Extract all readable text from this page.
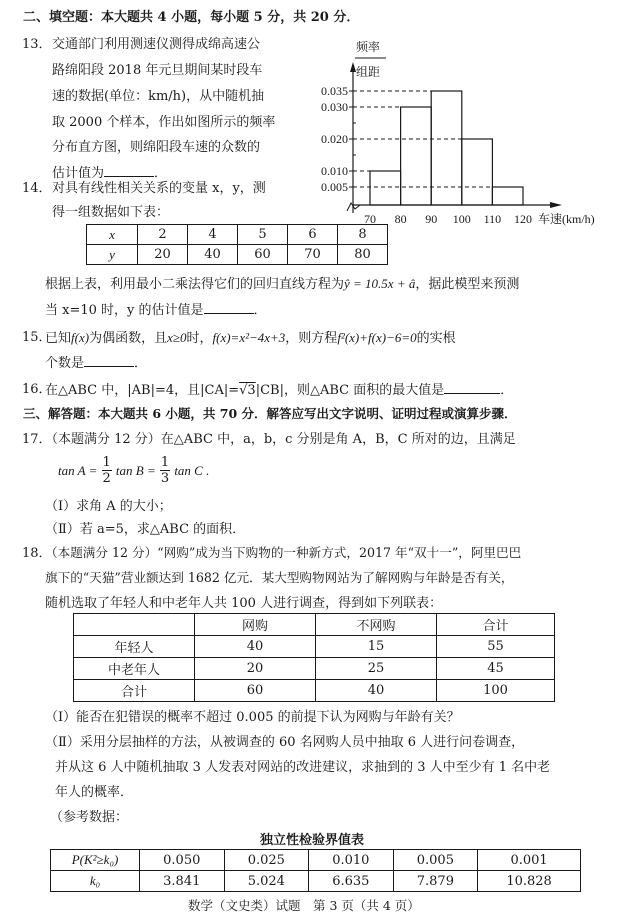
二、填空题：本大题共 4 小题，每小题 5 分，共 20 分．
13． 交通部门利用测速仪测得成绵高速公
路绵阳段 2018 年元旦期间某时段车
速的数据(单位：km/h)，从中随机抽
取 2000 个样本，作出如图所示的频率
分布直方图，则绵阳段车速的众数的
估计值为	．
频率
组距
0.035
0.030
0.020
0.010
0.005
70 80 90 100 110 120 车速(km/h)
14． 对具有线性相关关系的变量 x，y，测
得一组数据如下表：
x	2	4	5	6	8
y	20	40	60	70	80
根据上表，利用最小二乘法得它们的回归直线方程为ŷ = 10.5x + â，据此模型来预测
当 x=10 时，y 的估计值是	．
15．
已知f(x)为偶函数，且x≥0时，f(x)=x²−4x+3，则方程f²(x)+f(x)−6=0的实根
个数是	．
16．
在△ABC 中，|AB|=4，且|CA|=√3|CB|，则△ABC 面积的最大值是	．
三、解答题：本大题共 6 小题，共 70 分．解答应写出文字说明、证明过程或演算步骤．
17．
（本题满分 12 分）在△ABC 中，a，b，c 分别是角 A，B，C 所对的边，且满足
$\tan A = \frac{1}{2}$ $\tan B = \frac{1}{3}$ tan C .
（Ⅰ）求角 A 的大小；
（Ⅱ）若 a=5，求△ABC 的面积．
18．
（本题满分 12 分）“网购”成为当下购物的一种新方式，2017 年“双十一”，阿里巴巴
旗下的“天猫”营业额达到 1682 亿元．某大型购物网站为了解网购与年龄是否有关，
随机选取了年轻人和中老年人共 100 人进行调查，得到如下列联表：
	网购	不网购	合计
年轻人	40	15	55
中老年人	20	25	45
合计	60	40	100
（Ⅰ）能否在犯错误的概率不超过 0.005 的前提下认为网购与年龄有关？
（Ⅱ）采用分层抽样的方法，从被调查的 60 名网购人员中抽取 6 人进行问卷调查，
并从这 6 人中随机抽取 3 人发表对网站的改进建议，求抽到的 3 人中至少有 1 名中老
年人的概率．
（参考数据：
独立性检验界值表
P(K²≥k₀)	0.050	0.025	0.010	0.005	0.001
k₀	3.841	5.024	6.635	7.879	10.828
数学（文史类）试题　第 3 页（共 4 页）
